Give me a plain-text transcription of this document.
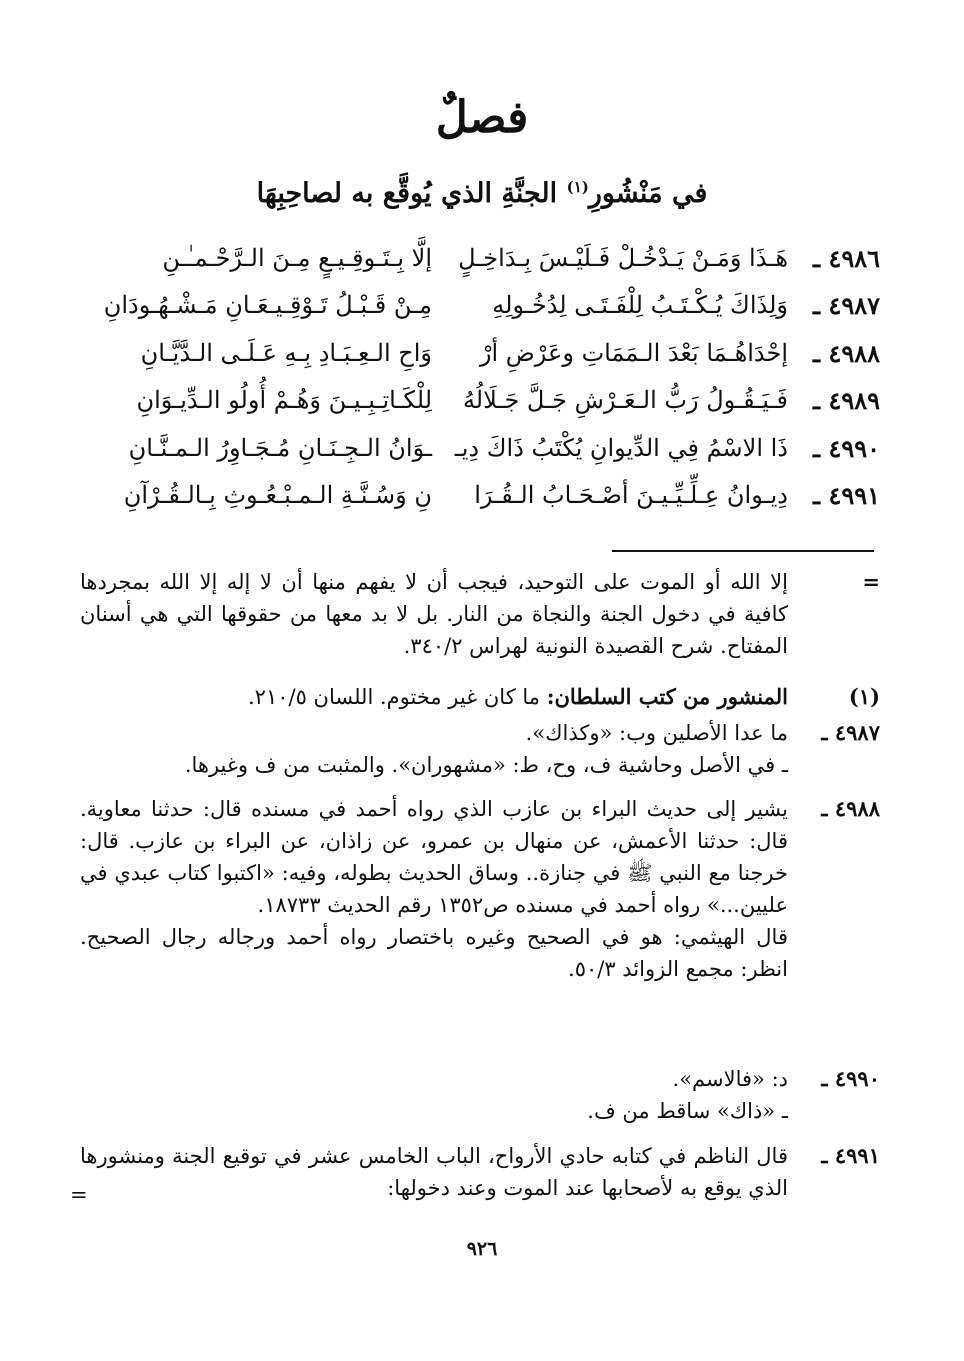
فصلٌ
في مَنْشُورِ$^{(١)}$ الجنَّةِ الذي يُوقَّع به لصاحِبِهَا
٤٩٨٦ ـ
هَـذَا وَمَـنْ يَـدْخُـلْ فَـلَيْـسَ بِـدَاخِـلٍ
إلَّا بِـتَـوقِـيـعٍ مِـنَ الـرَّحْـمـٰـنِ
٤٩٨٧ ـ
وَلِذَاكَ يُـكْـتَـبُ لِلْفَـتَـى لِدُخُـولِهِ
مِـنْ قَـبْـلُ تَـوْقِـيـعَـانِ مَـشْـهُـودَانِ
٤٩٨٨ ـ
إحْدَاهُـمَا بَعْدَ الـمَمَاتِ وعَرْضِ أرْ
وَاحِ الـعِـبَـادِ بِـهِ عَـلَـى الـدَّيَّـانِ
٤٩٨٩ ـ
فَـيَـقُـولُ رَبُّ الـعَـرْشِ جَـلَّ جَـلَالُهُ
لِلْكَـاتِـبِـيـنَ وَهُـمْ أُولُو الـدِّيـوَانِ
٤٩٩٠ ـ
ذَا الاسْمُ فِي الدِّيوانِ يُكْتَبُ ذَاكَ دِيـ
ـوَانُ الـجِـنَـانِ مُـجَـاوِرُ الـمـنَّـانِ
٤٩٩١ ـ
دِيـوانُ عِـلِّـيِّـيـنَ أصْـحَـابُ الـقُـرَا
نِ وَسُـنَّـةِ الـمـبْـعُـوثِ بِـالـقُـرْآنِ
=

إلا الله أو الموت على التوحيد، فيجب أن لا يفهم منها أن لا إله إلا الله بمجردها كافية في دخول الجنة والنجاة من النار. بل لا بد معها من حقوقها التي هي أسنان المفتاح. شرح القصيدة النونية لهراس ٣٤٠/٢.

(١)

المنشور من كتب السلطان: ما كان غير مختوم. اللسان ٢١٠/٥.

٤٩٨٧ ـ

ما عدا الأصلين وب: «وكذاك».

ـ في الأصل وحاشية ف، وح، ط: «مشهوران». والمثبت من ف وغيرها.

٤٩٨٨ ـ

يشير إلى حديث البراء بن عازب الذي رواه أحمد في مسنده قال: حدثنا معاوية. قال: حدثنا الأعمش، عن منهال بن عمرو، عن زاذان، عن البراء بن عازب. قال: خرجنا مع النبي ﷺ في جنازة.. وساق الحديث بطوله، وفيه: «اكتبوا كتاب عبدي في عليين...» رواه أحمد في مسنده ص١٣٥٢ رقم الحديث ١٨٧٣٣.

قال الهيثمي: هو في الصحيح وغيره باختصار رواه أحمد ورجاله رجال الصحيح. انظر: مجمع الزوائد ٥٠/٣.

٤٩٩٠ ـ

د: «فالاسم».

ـ «ذاك» ساقط من ف.

٤٩٩١ ـ

قال الناظم في كتابه حادي الأرواح، الباب الخامس عشر في توقيع الجنة ومنشورها الذي يوقع به لأصحابها عند الموت وعند دخولها:

=
٩٢٦
